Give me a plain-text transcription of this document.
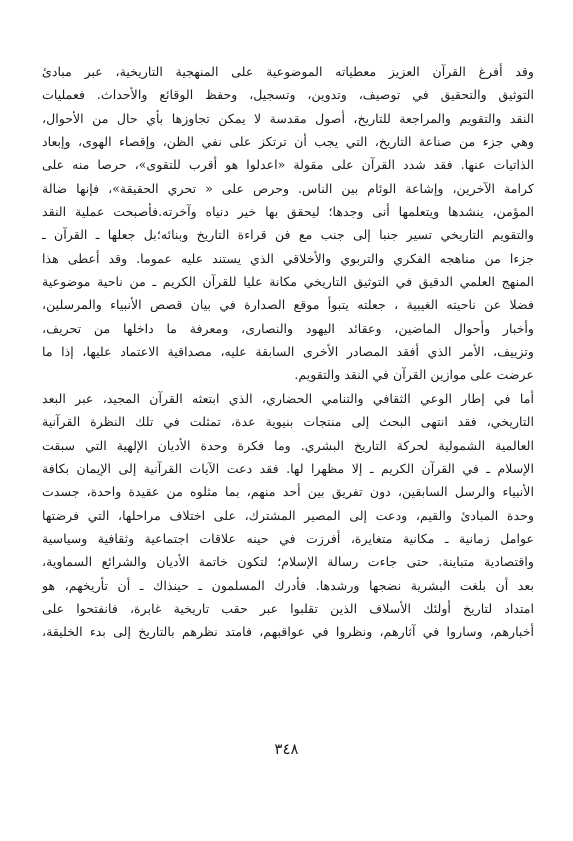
وقد أفرغ القرآن العزيز معطياته الموضوعية على المنهجية التاريخية، عبر مبادئ
التوثيق والتحقيق في توصيف، وتدوين، وتسجيل، وحفظ الوقائع والأحداث. فعمليات
النقد والتقويم والمراجعة للتاريخ، أصول مقدسة لا يمكن تجاوزها بأي حال من الأحوال،
وهي جزء من صناعة التاريخ، التي يجب أن ترتكز على نفي الظن، وإقصاء الهوى، وإبعاد
الذاتيات عنها. فقد شدد القرآن على مقولة «اعدلوا هو أقرب للتقوى»، حرصا منه على
كرامة الآخرين، وإشاعة الوئام بين الناس. وحرص على « تحري الحقيقة»، فإنها ضالة
المؤمن، ينشدها ويتعلمها أنى وجدها؛ ليحقق بها خير دنياه وآخرته.فأصبحت عملية النقد
والتقويم التاريخي تسير جنبا إلى جنب مع فن قراءة التاريخ وبنائه؛بل جعلها ـ القرآن ـ
جزءا من مناهجه الفكري والتربوي والأخلاقي الذي يستند عليه عموما. وقد أعطى هذا
المنهج العلمي الدقيق في التوثيق التاريخي مكانة عليا للقرآن الكريم ـ من ناحية موضوعية
فضلا عن ناحيته الغيبية ، جعلته يتبوأ موقع الصدارة في بيان قصص الأنبياء والمرسلين،
وأخبار وأحوال الماضين، وعقائد اليهود والنصارى، ومعرفة ما داخلها من تحريف،
وتزييف، الأمر الذي أفقد المصادر الأخرى السابقة عليه، مصداقية الاعتماد عليها، إذا ما
عرضت على موازين القرآن في النقد والتقويم.
أما في إطار الوعي الثقافي والتنامي الحضاري، الذي ابتعثه القرآن المجيد، عبر البعد
التاريخي، فقد انتهى البحث إلى منتجات بنيوية عدة، تمثلت في تلك النظرة القرآنية
العالمية الشمولية لحركة التاريخ البشري. وما فكرة وحدة الأديان الإلهية التي سبقت
الإسلام ـ في القرآن الكريم ـ إلا مظهرا لها. فقد دعت الآيات القرآنية إلى الإيمان بكافة
الأنبياء والرسل السابقين، دون تفريق بين أحد منهم، بما مثلوه من عقيدة واحدة، جسدت
وحدة المبادئ والقيم، ودعت إلى المصير المشترك، على اختلاف مراحلها، التي فرضتها
عوامل زمانية ـ مكانية متغايرة، أفرزت في حينه علاقات اجتماعية وثقافية وسياسية
واقتصادية متباينة. حتى جاءت رسالة الإسلام؛ لتكون خاتمة الأديان والشرائع السماوية،
بعد أن بلغت البشرية نضجها ورشدها. فأدرك المسلمون ـ حينذاك ـ أن تأريخهم، هو
امتداد لتاريخ أولئك الأسلاف الذين تقلبوا عبر حقب تاريخية غابرة، فانفتحوا على
أخبارهم، وساروا في آثارهم، ونظروا في عواقبهم، فامتد نظرهم بالتاريخ إلى بدء الخليقة،
٣٤٨
